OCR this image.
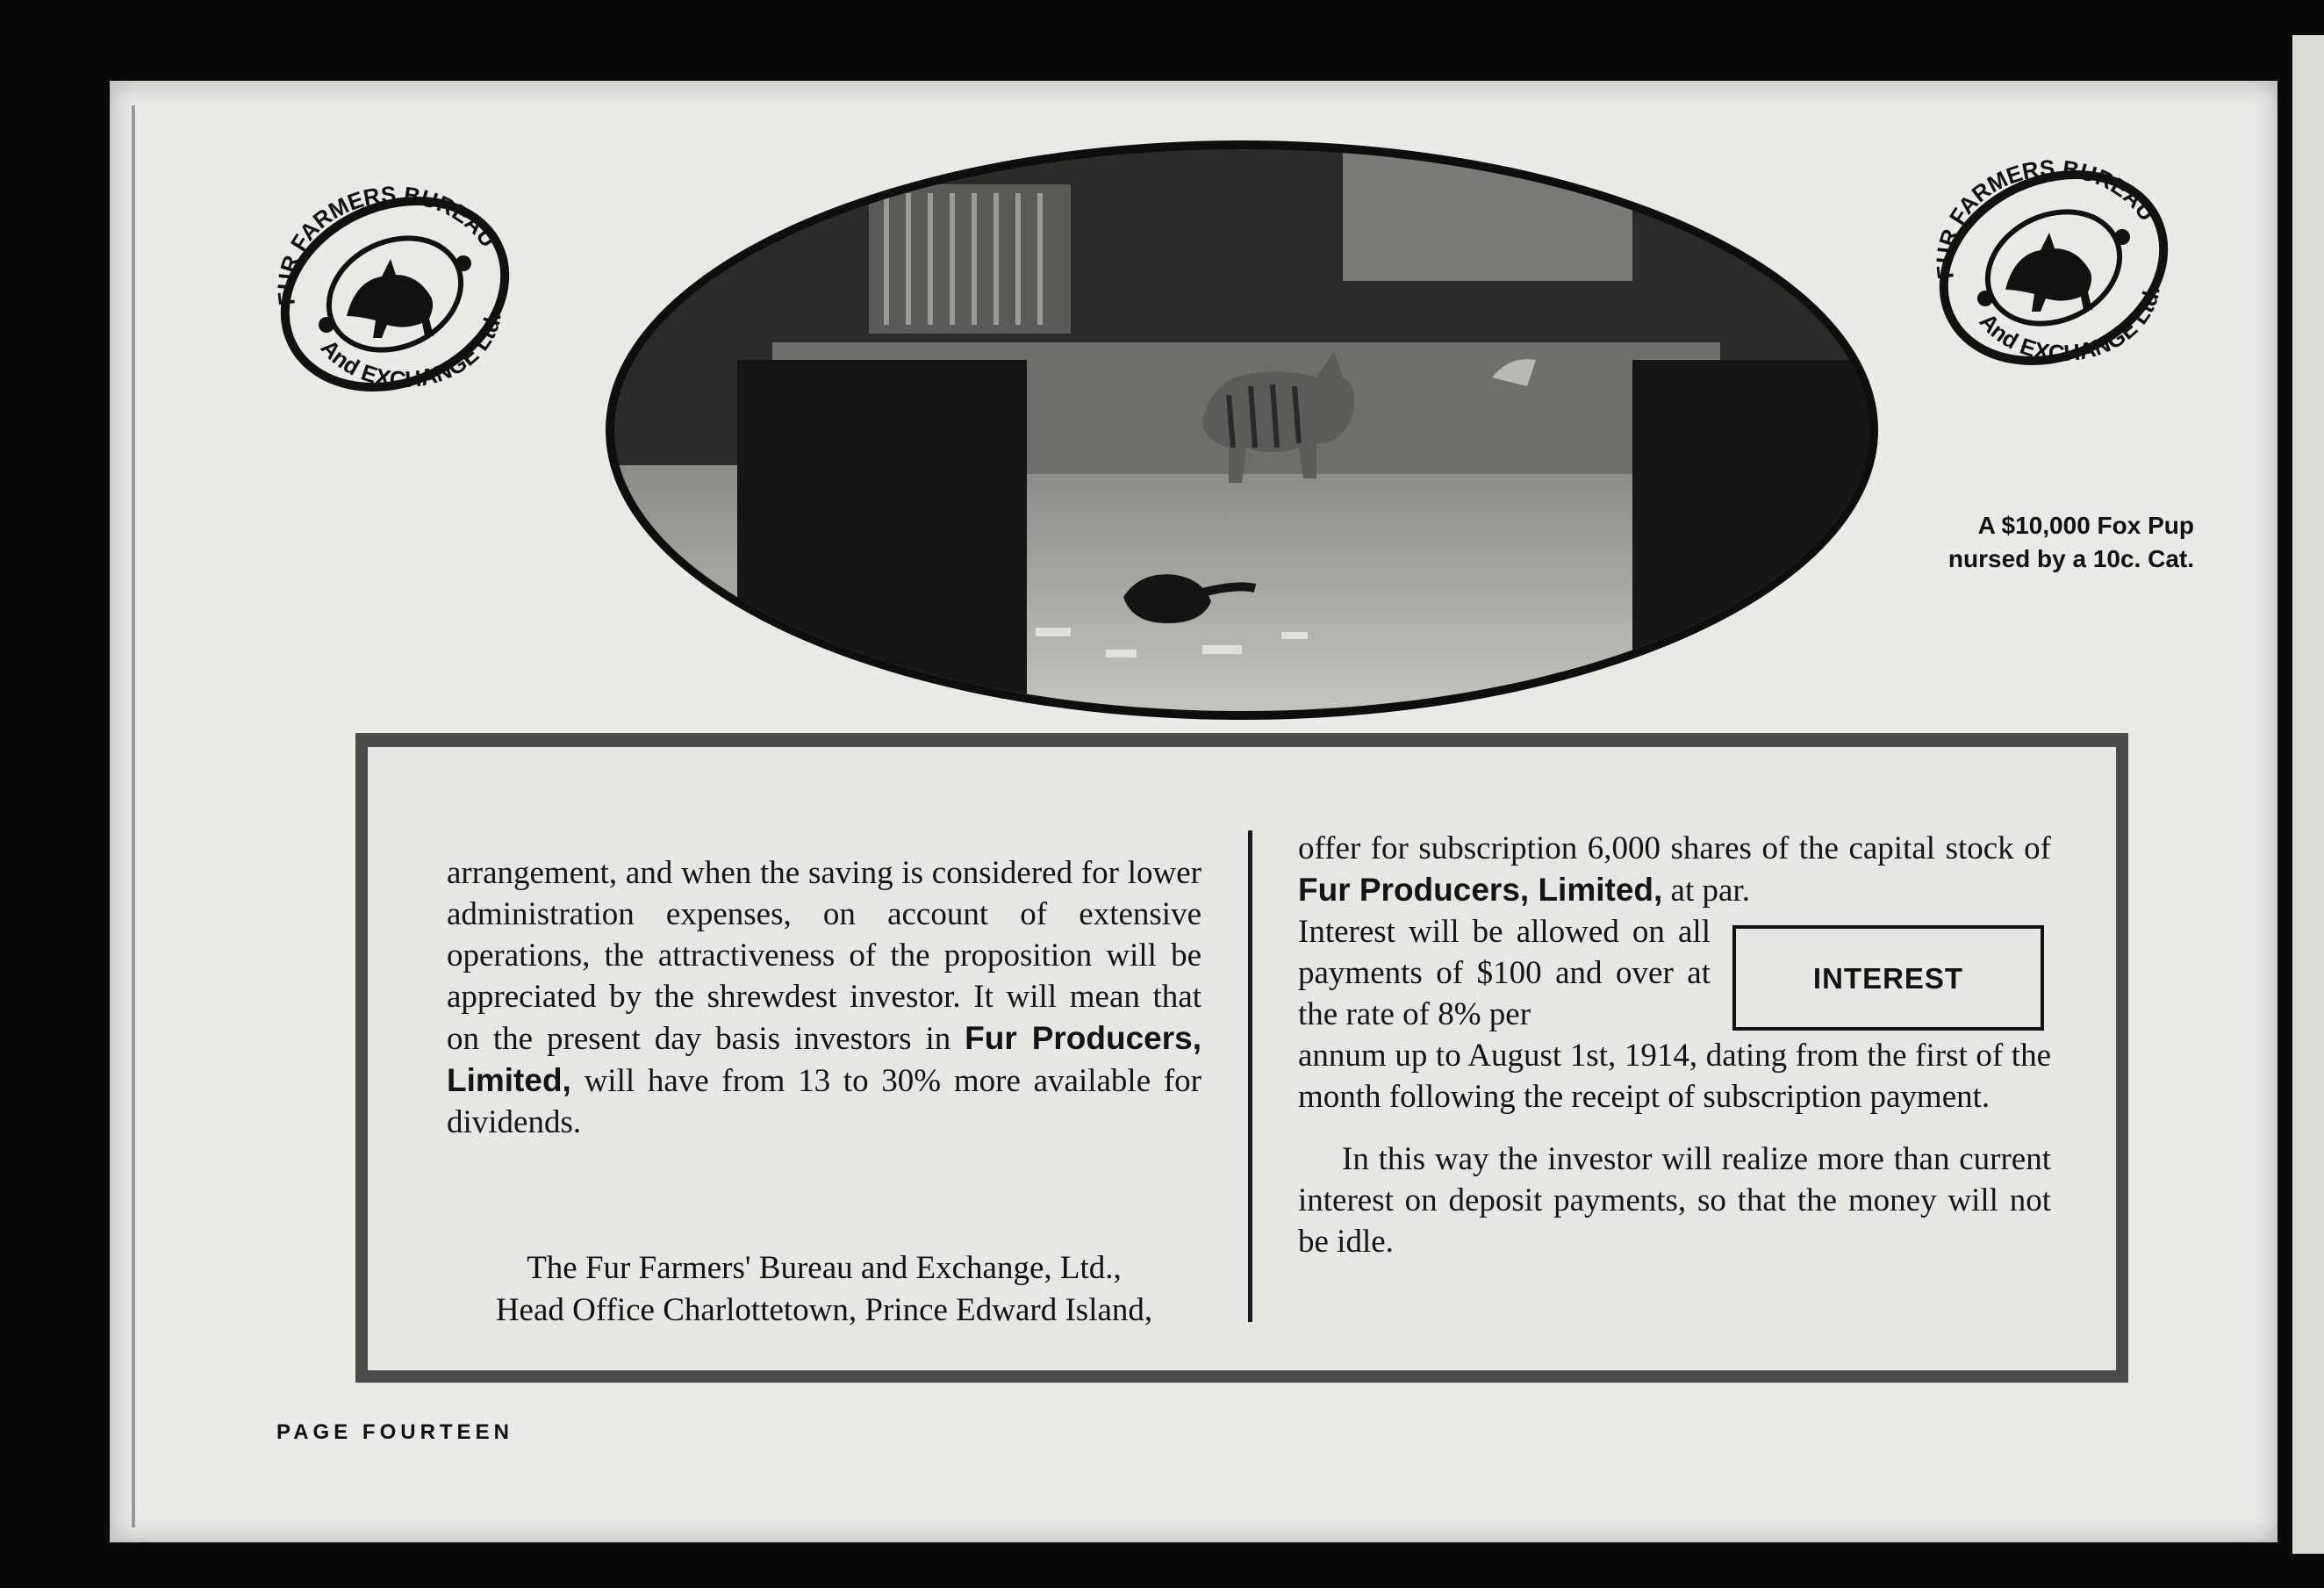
FUR FARMERS BUREAU
And EXCHANGE Ltd.
FUR FARMERS BUREAU
And EXCHANGE Ltd.
A $10,000 Fox Pup
nursed by a 10c. Cat.

arrangement, and when the saving is considered for lower administration expenses, on account of extensive operations, the attractiveness of the proposition will be appreciated by the shrewdest investor. It will mean that on the present day basis investors in Fur Producers, Limited, will have from 13 to 30% more available for dividends.

The Fur Farmers' Bureau and Exchange, Ltd.,
Head Office Charlottetown, Prince Edward Island,

offer for subscription 6,000 shares of the capital stock of Fur Producers, Limited, at par.

Interest will be allowed on all payments of $100 and over at the rate of 8% per
INTEREST

annum up to August 1st, 1914, dating from the first of the month following the receipt of subscription payment.

In this way the investor will realize more than current interest on deposit payments, so that the money will not be idle.

PAGE FOURTEEN
